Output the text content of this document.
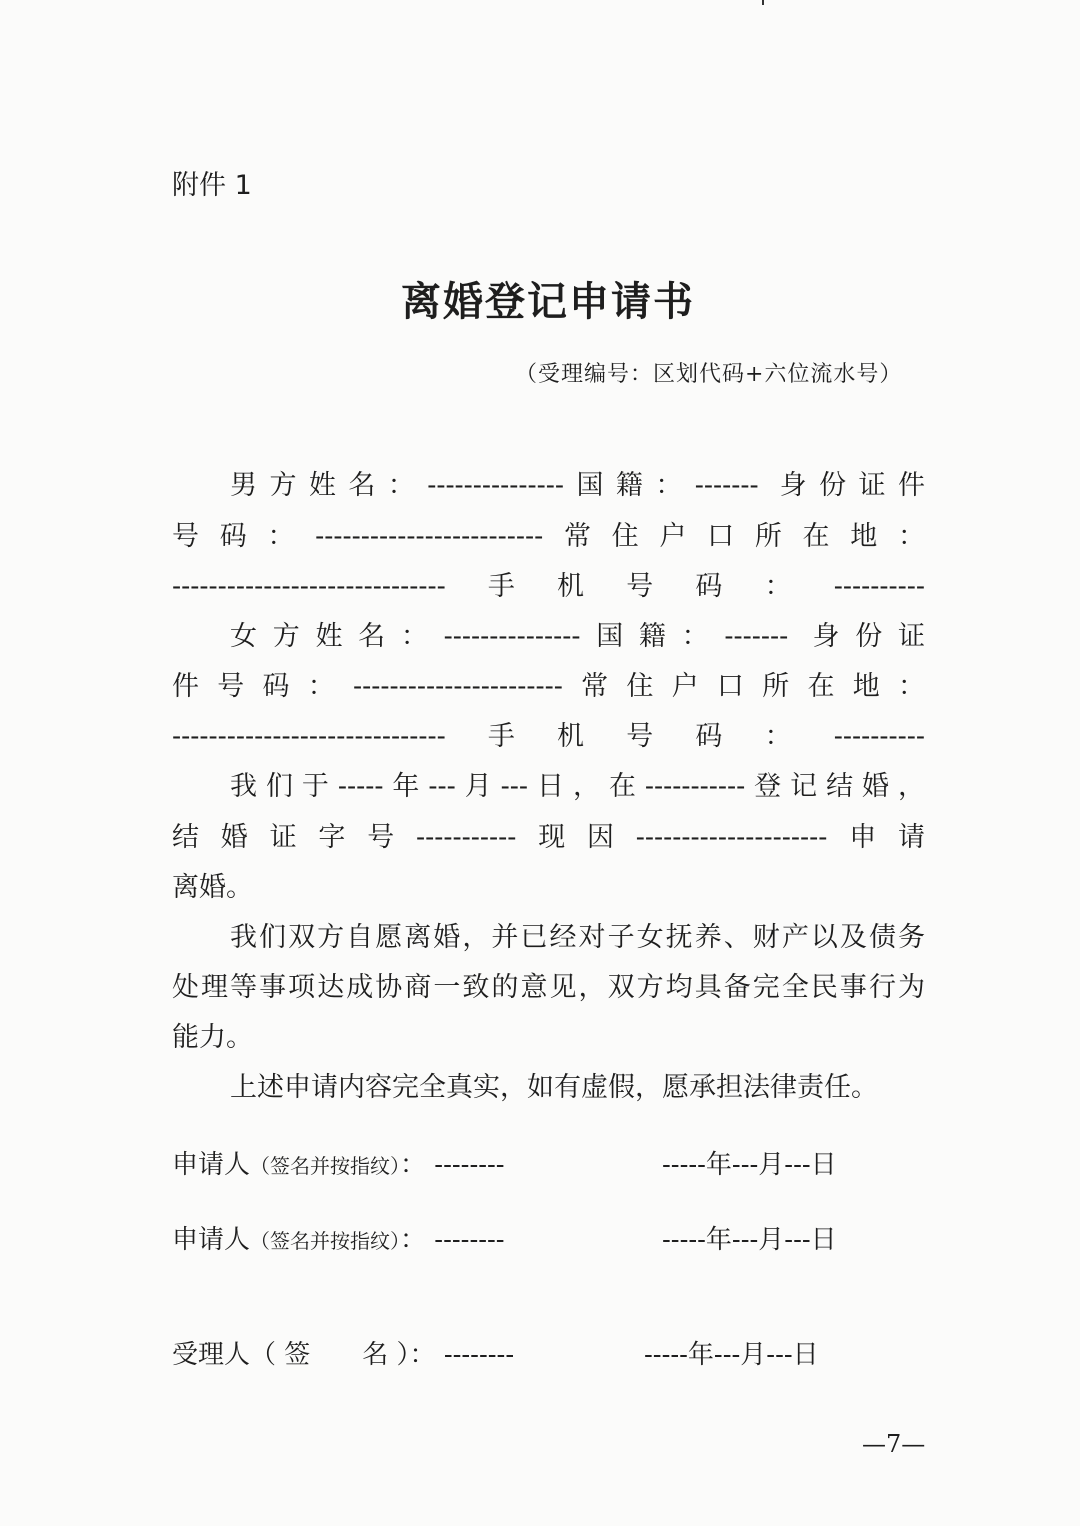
附件 1
离婚登记申请书
（受理编号：区划代码+六位流水号）
男方姓名：---------------国籍：------- 身份证件
号码：-------------------------常住户口所在地：
------------------------------手机号码：----------
女方姓名：---------------国籍：------- 身份证
件号码：-----------------------常住户口所在地：
------------------------------手机号码：----------
我们于-----年---月---日，在-----------登记结婚，
结婚证字号-----------现因---------------------申请
离婚。
我们双方自愿离婚，并已经对子女抚养、财产以及债务
处理等事项达成协商一致的意见，双方均具备完全民事行为
能力。
上述申请内容完全真实，如有虚假，愿承担法律责任。
申请人（签名并按指纹）： --------	-----年---月---日
申请人（签名并按指纹）： --------	-----年---月---日
受理人（ 签　　名 ）： --------	-----年---月---日
—7—
